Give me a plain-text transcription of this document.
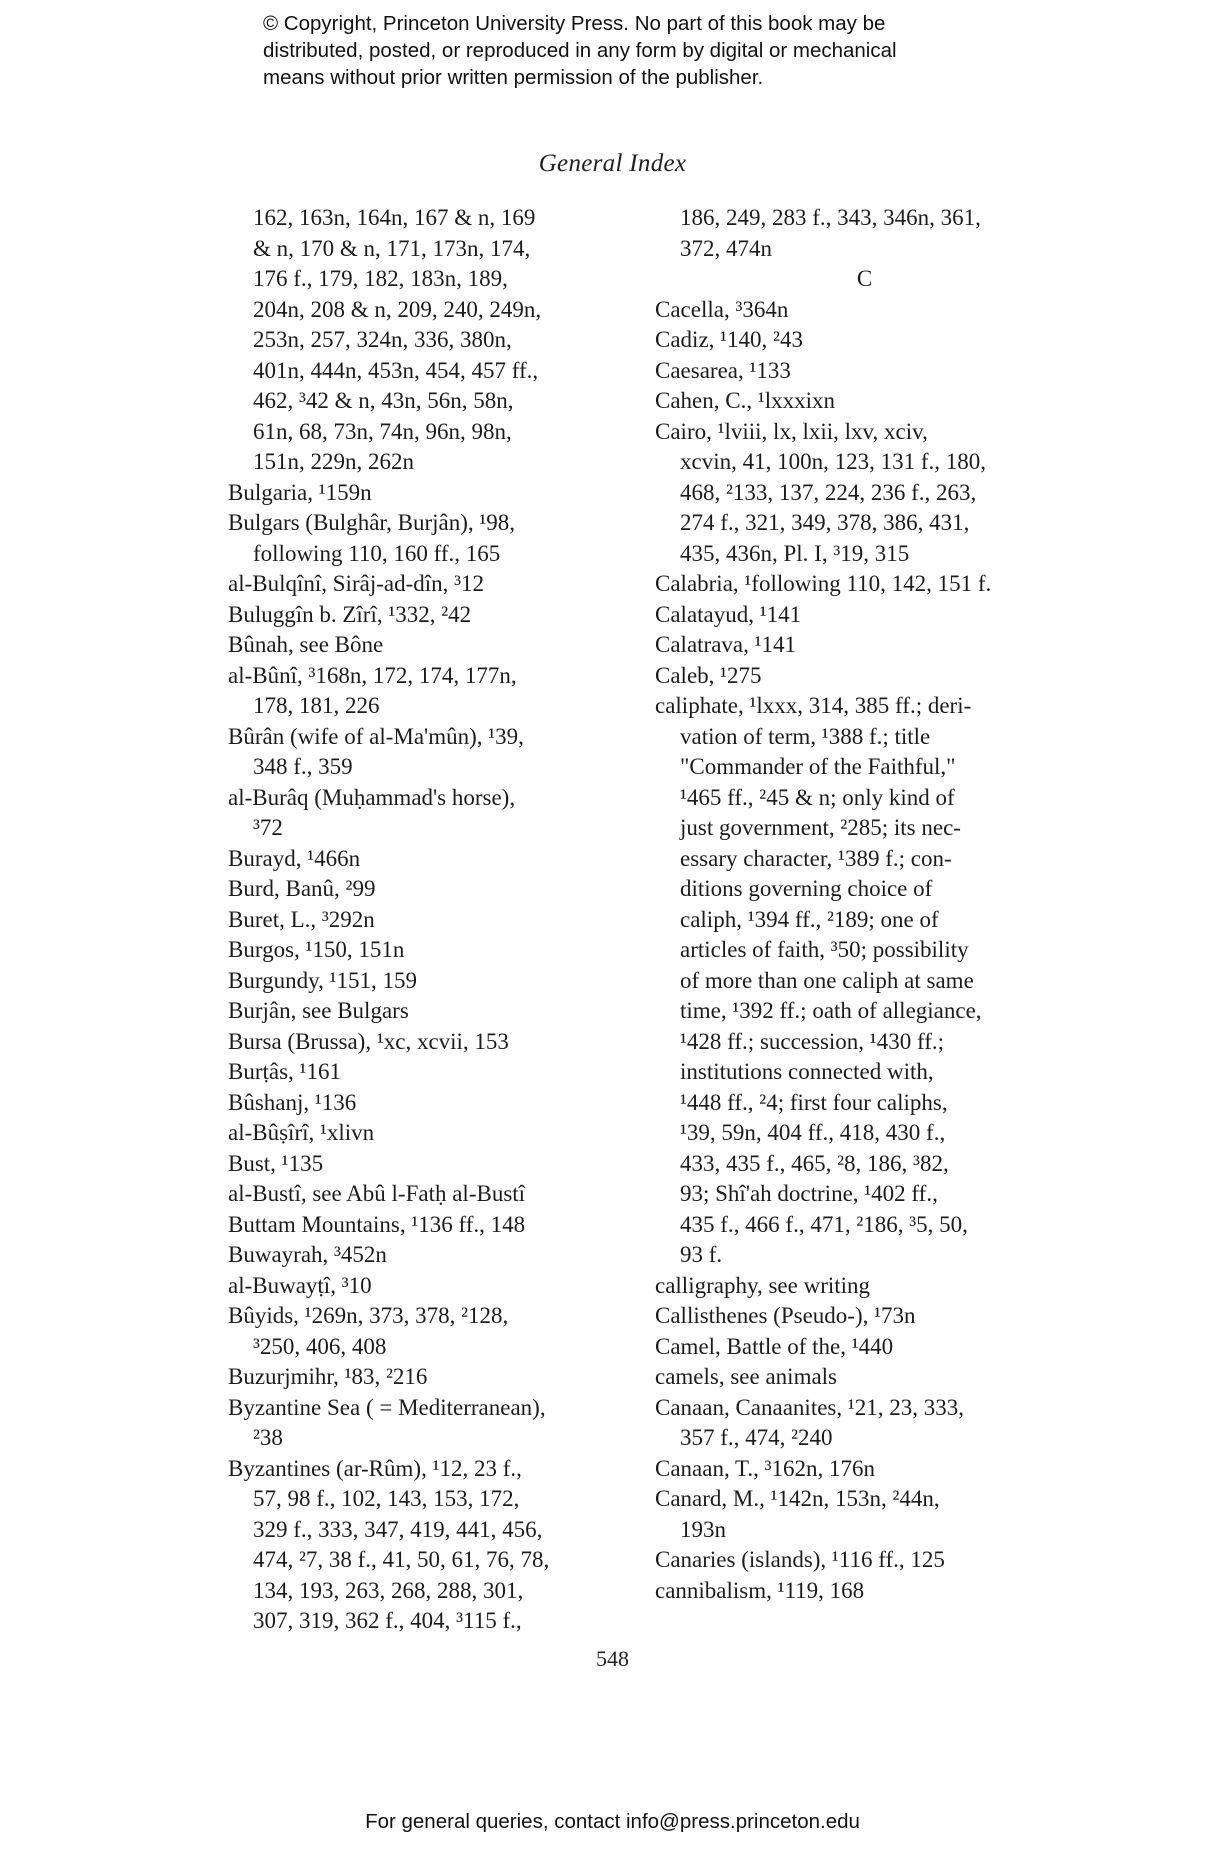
© Copyright, Princeton University Press. No part of this book may be
distributed, posted, or reproduced in any form by digital or mechanical
means without prior written permission of the publisher.
General Index
162, 163n, 164n, 167 & n, 169
& n, 170 & n, 171, 173n, 174,
176 f., 179, 182, 183n, 189,
204n, 208 & n, 209, 240, 249n,
253n, 257, 324n, 336, 380n,
401n, 444n, 453n, 454, 457 ff.,
462, ³42 & n, 43n, 56n, 58n,
61n, 68, 73n, 74n, 96n, 98n,
151n, 229n, 262n
Bulgaria, ¹159n
Bulgars (Bulghâr, Burjân), ¹98,
following 110, 160 ff., 165
al-Bulqînî, Sirâj-ad-dîn, ³12
Buluggîn b. Zîrî, ¹332, ²42
Bûnah, see Bône
al-Bûnî, ³168n, 172, 174, 177n,
178, 181, 226
Bûrân (wife of al-Ma'mûn), ¹39,
348 f., 359
al-Burâq (Muḥammad's horse),
³72
Burayd, ¹466n
Burd, Banû, ²99
Buret, L., ³292n
Burgos, ¹150, 151n
Burgundy, ¹151, 159
Burjân, see Bulgars
Bursa (Brussa), ¹xc, xcvii, 153
Burṭâs, ¹161
Bûshanj, ¹136
al-Bûṣîrî, ¹xlivn
Bust, ¹135
al-Bustî, see Abû l-Fatḥ al-Bustî
Buttam Mountains, ¹136 ff., 148
Buwayrah, ³452n
al-Buwayṭî, ³10
Bûyids, ¹269n, 373, 378, ²128,
³250, 406, 408
Buzurjmihr, ¹83, ²216
Byzantine Sea ( = Mediterranean),
²38
Byzantines (ar-Rûm), ¹12, 23 f.,
57, 98 f., 102, 143, 153, 172,
329 f., 333, 347, 419, 441, 456,
474, ²7, 38 f., 41, 50, 61, 76, 78,
134, 193, 263, 268, 288, 301,
307, 319, 362 f., 404, ³115 f.,
186, 249, 283 f., 343, 346n, 361,
372, 474n
C
Cacella, ³364n
Cadiz, ¹140, ²43
Caesarea, ¹133
Cahen, C., ¹lxxxixn
Cairo, ¹lviii, lx, lxii, lxv, xciv,
xcvin, 41, 100n, 123, 131 f., 180,
468, ²133, 137, 224, 236 f., 263,
274 f., 321, 349, 378, 386, 431,
435, 436n, Pl. I, ³19, 315
Calabria, ¹following 110, 142, 151 f.
Calatayud, ¹141
Calatrava, ¹141
Caleb, ¹275
caliphate, ¹lxxx, 314, 385 ff.; deri-
vation of term, ¹388 f.; title
"Commander of the Faithful,"
¹465 ff., ²45 & n; only kind of
just government, ²285; its nec-
essary character, ¹389 f.; con-
ditions governing choice of
caliph, ¹394 ff., ²189; one of
articles of faith, ³50; possibility
of more than one caliph at same
time, ¹392 ff.; oath of allegiance,
¹428 ff.; succession, ¹430 ff.;
institutions connected with,
¹448 ff., ²4; first four caliphs,
¹39, 59n, 404 ff., 418, 430 f.,
433, 435 f., 465, ²8, 186, ³82,
93; Shî'ah doctrine, ¹402 ff.,
435 f., 466 f., 471, ²186, ³5, 50,
93 f.
calligraphy, see writing
Callisthenes (Pseudo-), ¹73n
Camel, Battle of the, ¹440
camels, see animals
Canaan, Canaanites, ¹21, 23, 333,
357 f., 474, ²240
Canaan, T., ³162n, 176n
Canard, M., ¹142n, 153n, ²44n,
193n
Canaries (islands), ¹116 ff., 125
cannibalism, ¹119, 168
548
For general queries, contact info@press.princeton.edu
